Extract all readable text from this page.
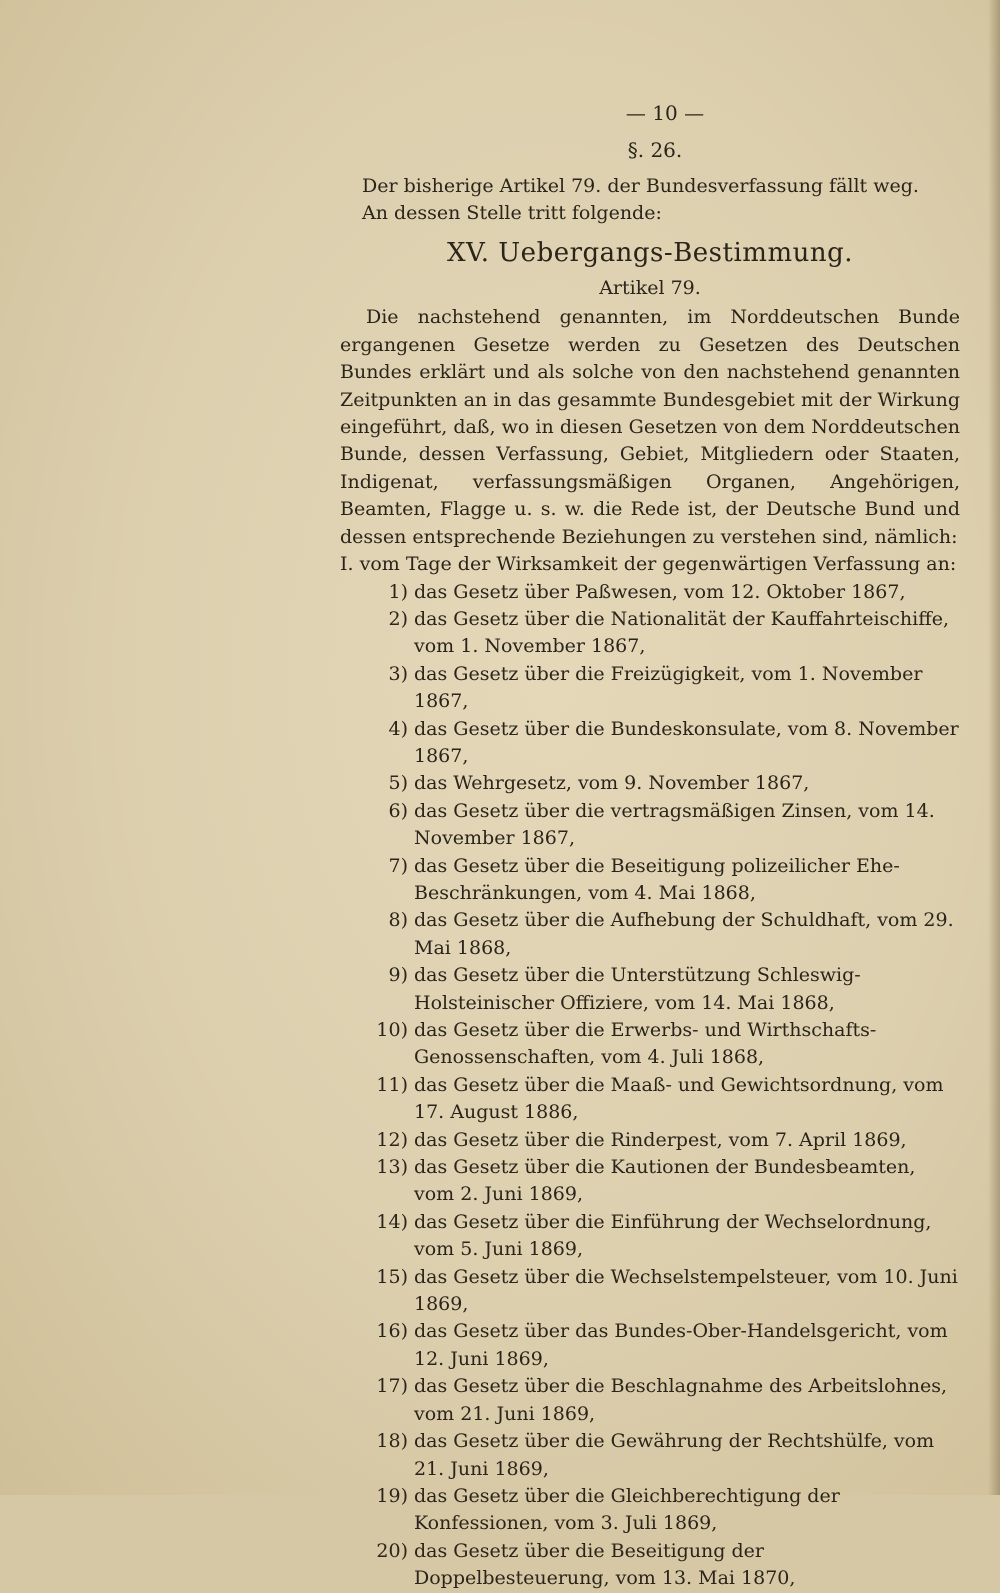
— 10 —
§. 26.

Der bisherige Artikel 79. der Bundesverfassung fällt weg.

An dessen Stelle tritt folgende:

XV. Uebergangs-Bestimmung.
Artikel 79.

Die nachstehend genannten, im Norddeutschen Bunde ergangenen Gesetze werden zu Gesetzen des Deutschen Bundes erklärt und als solche von den nachstehend genannten Zeitpunkten an in das gesammte Bundesgebiet mit der Wirkung eingeführt, daß, wo in diesen Gesetzen von dem Norddeutschen Bunde, dessen Verfassung, Gebiet, Mitgliedern oder Staaten, Indigenat, verfassungsmäßigen Organen, Angehörigen, Beamten, Flagge u. s. w. die Rede ist, der Deutsche Bund und dessen entsprechende Beziehungen zu verstehen sind, nämlich:

I. vom Tage der Wirksamkeit der gegenwärtigen Verfassung an:

1) das Gesetz über Paßwesen, vom 12. Oktober 1867,
2) das Gesetz über die Nationalität der Kauffahrteischiffe, vom 1. November 1867,
3) das Gesetz über die Freizügigkeit, vom 1. November 1867,
4) das Gesetz über die Bundeskonsulate, vom 8. November 1867,
5) das Wehrgesetz, vom 9. November 1867,
6) das Gesetz über die vertragsmäßigen Zinsen, vom 14. November 1867,
7) das Gesetz über die Beseitigung polizeilicher Ehe-Beschränkungen, vom 4. Mai 1868,
8) das Gesetz über die Aufhebung der Schuldhaft, vom 29. Mai 1868,
9) das Gesetz über die Unterstützung Schleswig-Holsteinischer Offiziere, vom 14. Mai 1868,
10) das Gesetz über die Erwerbs- und Wirthschafts-Genossenschaften, vom 4. Juli 1868,
11) das Gesetz über die Maaß- und Gewichtsordnung, vom 17. August 1886,
12) das Gesetz über die Rinderpest, vom 7. April 1869,
13) das Gesetz über die Kautionen der Bundesbeamten, vom 2. Juni 1869,
14) das Gesetz über die Einführung der Wechselordnung, vom 5. Juni 1869,
15) das Gesetz über die Wechselstempelsteuer, vom 10. Juni 1869,
16) das Gesetz über das Bundes-Ober-Handelsgericht, vom 12. Juni 1869,
17) das Gesetz über die Beschlagnahme des Arbeitslohnes, vom 21. Juni 1869,
18) das Gesetz über die Gewährung der Rechtshülfe, vom 21. Juni 1869,
19) das Gesetz über die Gleichberechtigung der Konfessionen, vom 3. Juli 1869,
20) das Gesetz über die Beseitigung der Doppelbesteuerung, vom 13. Mai 1870,
